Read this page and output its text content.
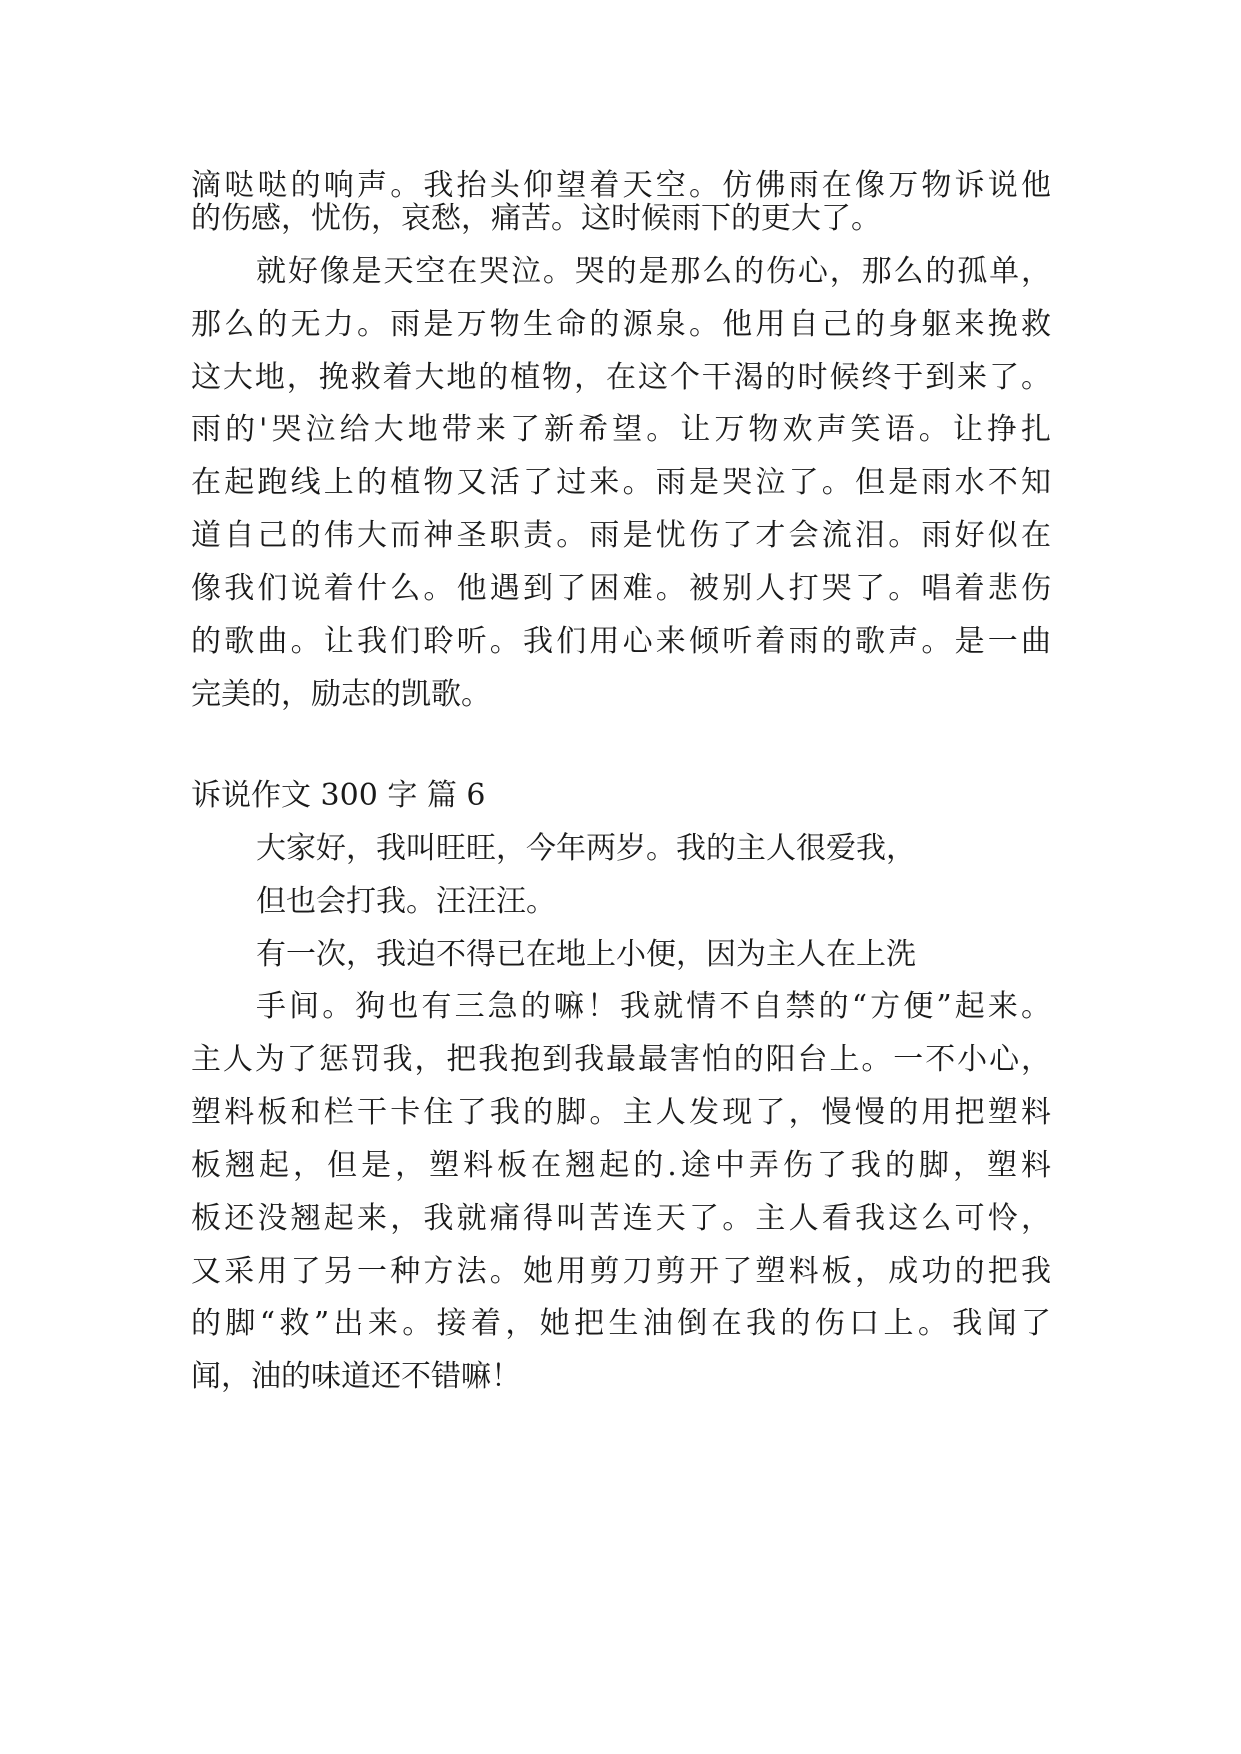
滴哒哒的响声。我抬头仰望着天空。仿佛雨在像万物诉说他
的伤感，忧伤，哀愁，痛苦。这时候雨下的更大了。
就好像是天空在哭泣。哭的是那么的伤心，那么的孤单，
那么的无力。雨是万物生命的源泉。他用自己的身躯来挽救
这大地，挽救着大地的植物，在这个干渴的时候终于到来了。
雨的'哭泣给大地带来了新希望。让万物欢声笑语。让挣扎
在起跑线上的植物又活了过来。雨是哭泣了。但是雨水不知
道自己的伟大而神圣职责。雨是忧伤了才会流泪。雨好似在
像我们说着什么。他遇到了困难。被别人打哭了。唱着悲伤
的歌曲。让我们聆听。我们用心来倾听着雨的歌声。是一曲
完美的，励志的凯歌。
诉说作文 300 字 篇 6
大家好，我叫旺旺，今年两岁。我的主人很爱我，
但也会打我。汪汪汪。
有一次，我迫不得已在地上小便，因为主人在上洗
手间。狗也有三急的嘛！我就情不自禁的“方便”起来。
主人为了惩罚我，把我抱到我最最害怕的阳台上。一不小心，
塑料板和栏干卡住了我的脚。主人发现了，慢慢的用把塑料
板翘起，但是，塑料板在翘起的.途中弄伤了我的脚，塑料
板还没翘起来，我就痛得叫苦连天了。主人看我这么可怜，
又采用了另一种方法。她用剪刀剪开了塑料板，成功的把我
的脚“救”出来。接着，她把生油倒在我的伤口上。我闻了
闻，油的味道还不错嘛！
